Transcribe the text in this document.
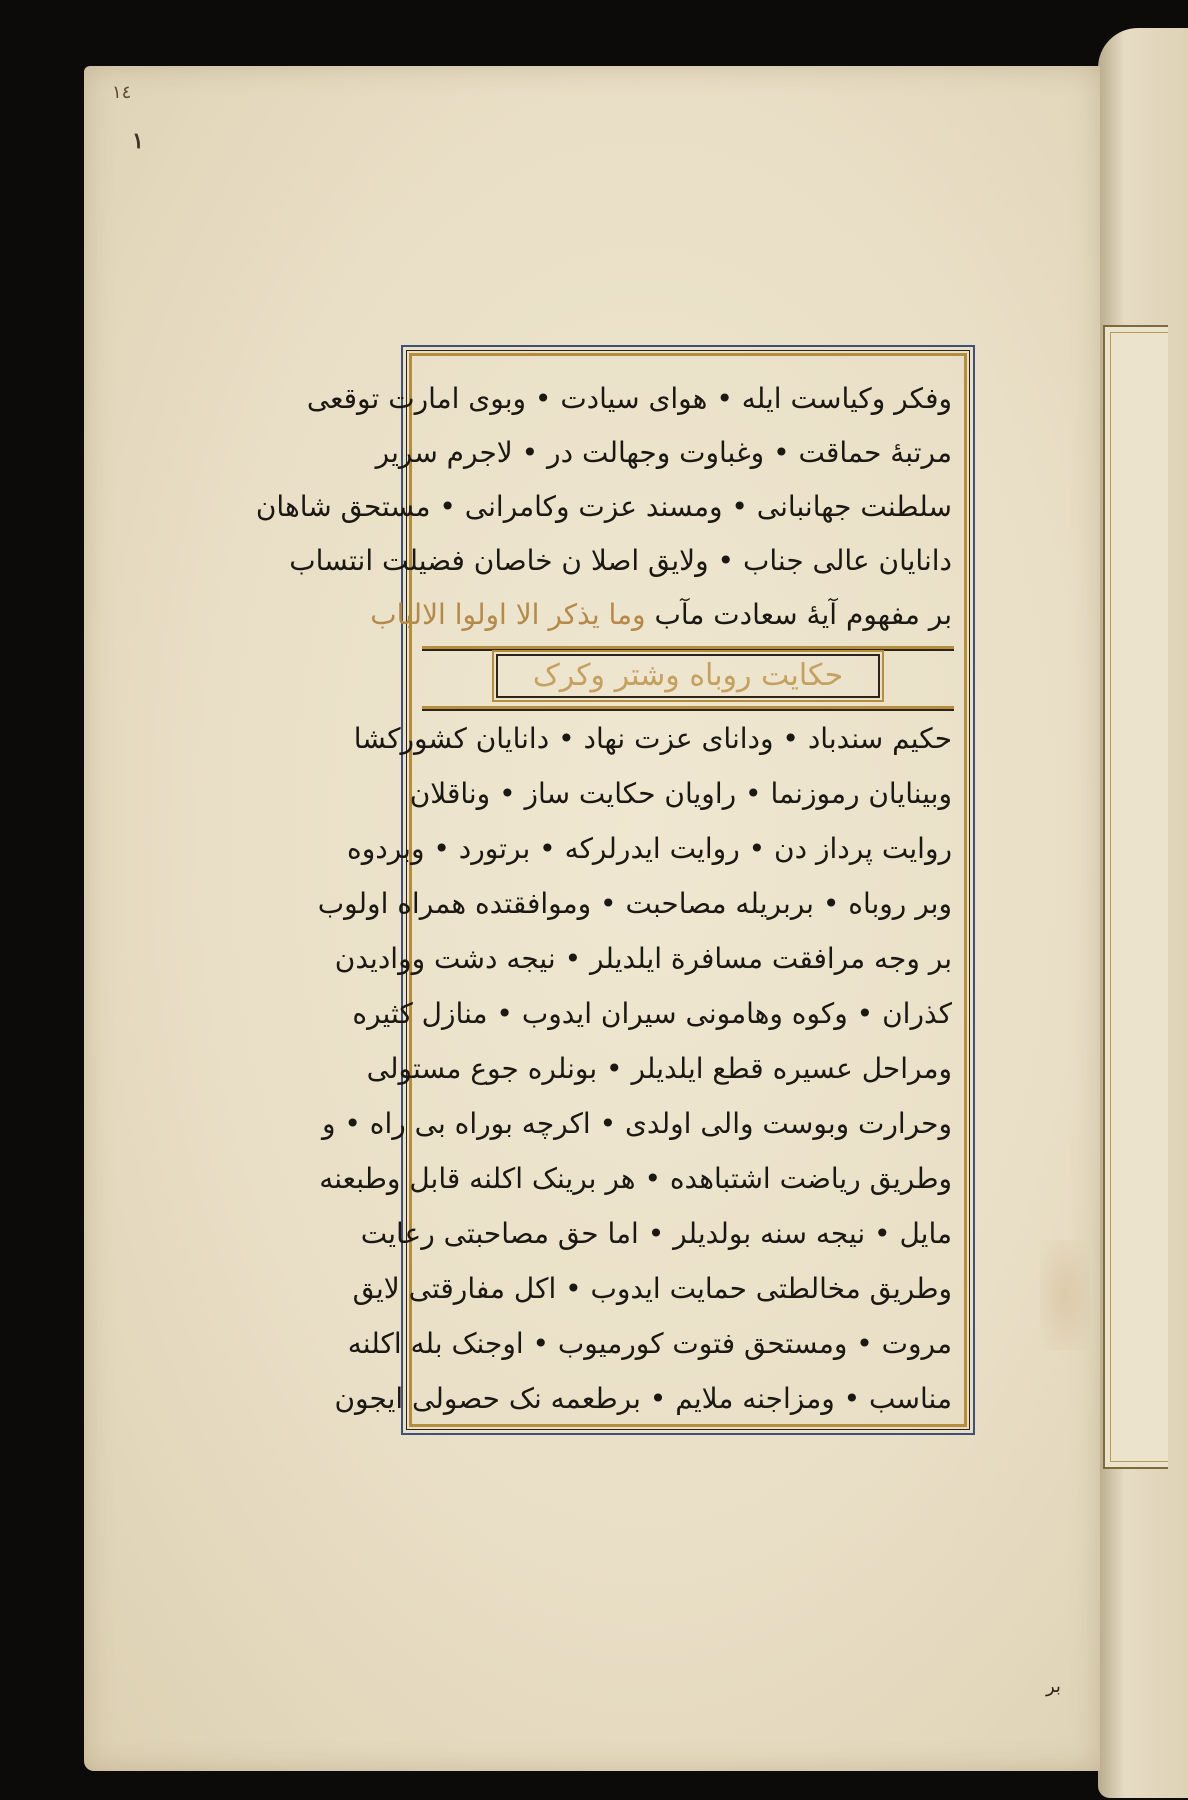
١٤
١
بر
وفکر وکیاست ایله • هوای سیادت • وبوی امارت توقعی
مرتبهٔ حماقت • وغباوت وجهالت در • لاجرم سریر
سلطنت جهانبانی • ومسند عزت وکامرانی • مستحق شاهان
دانایان عالی جناب • ولایق اصلا ن خاصان فضیلت انتساب
بر مفهوم آیهٔ سعادت مآب وما یذکر الا اولوا الالباب
حکایت روباه وشتر وکرک
حکیم سندباد • ودانای عزت نهاد • دانایان کشورکشا
وبینایان رموزنما • راویان حکایت ساز • وناقلان
روایت پرداز دن • روایت ایدرلرکه • برتورد • وبردوه
وبر روباه • بربریله مصاحبت • وموافقتده همراه اولوب
بر وجه مرافقت مسافرة ایلدیلر • نیجه دشت ووادیدن
کذران • وکوه وهامونی سیران ایدوب • منازل کثیره
ومراحل عسیره قطع ایلدیلر • بونلره جوع مستولی
وحرارت وبوست والی اولدی • اکرچه بوراه بی راه • و
وطریق ریاضت اشتباهده • هر برینک اکلنه قابل وطبعنه
مایل • نیجه سنه بولدیلر • اما حق مصاحبتی رعایت
وطریق مخالطتی حمایت ایدوب • اکل مفارقتی لایق
مروت • ومستحق فتوت کورمیوب • اوجنک بله اکلنه
مناسب • ومزاجنه ملایم • برطعمه نک حصولی ایجون
